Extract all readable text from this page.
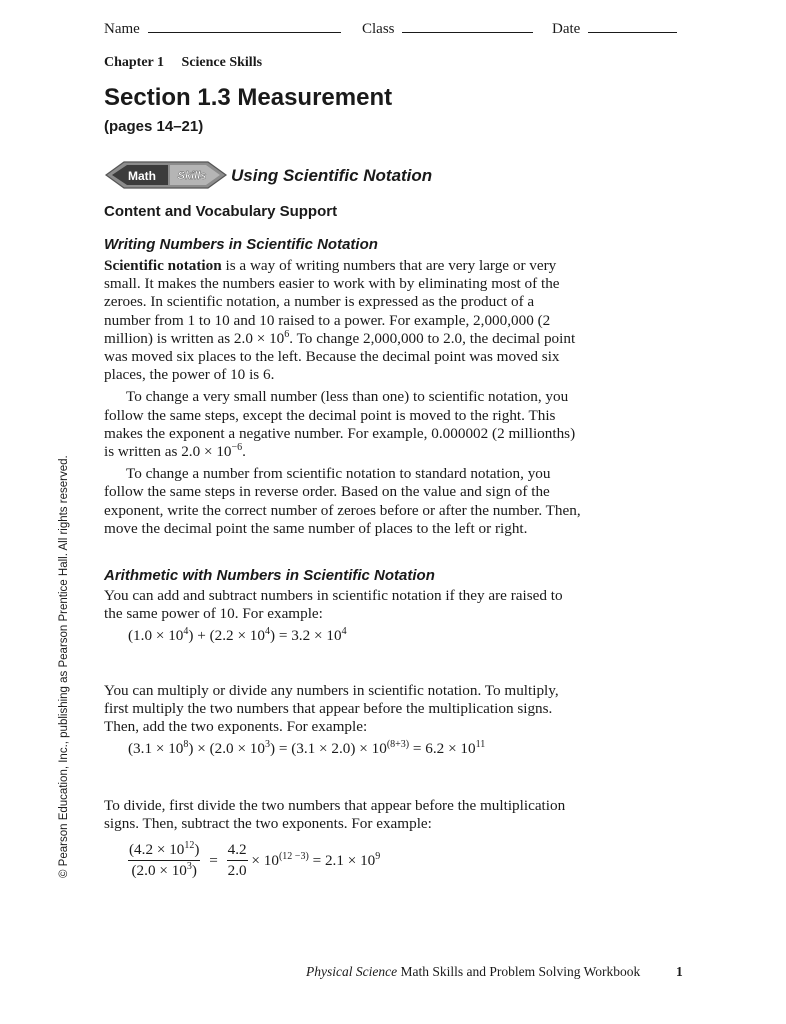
Name	Class	Date
Chapter 1 Science Skills
Section 1.3 Measurement
(pages 14–21)
Math Skills Using Scientific Notation
Content and Vocabulary Support
Writing Numbers in Scientific Notation

Scientific notation is a way of writing numbers that are very large or very small. It makes the numbers easier to work with by eliminating most of the zeroes. In scientific notation, a number is expressed as the product of a number from 1 to 10 and 10 raised to a power. For example, 2,000,000 (2 million) is written as $2.0 \times 10^6$. To change 2,000,000 to 2.0, the decimal point was moved six places to the left. Because the decimal point was moved six places, the power of 10 is 6.

To change a very small number (less than one) to scientific notation, you follow the same steps, except the decimal point is moved to the right. This makes the exponent a negative number. For example, 0.000002 (2 millionths) is written as $2.0 \times 10^{-6}$.

To change a number from scientific notation to standard notation, you follow the same steps in reverse order. Based on the value and sign of the exponent, write the correct number of zeroes before or after the number. Then, move the decimal point the same number of places to the left or right.

Arithmetic with Numbers in Scientific Notation
You can add and subtract numbers in scientific notation if they are raised to the same power of 10. For example:
$(1.0 \times 10^4) + (2.2 \times 10^4) = 3.2 \times 10^4$
You can multiply or divide any numbers in scientific notation. To multiply, first multiply the two numbers that appear before the multiplication signs. Then, add the two exponents. For example:
$(3.1 \times 10^8) \times (2.0 \times 10^3) = (3.1 \times 2.0) \times 10^{(8+3)} = 6.2 \times 10^{11}$
To divide, first divide the two numbers that appear before the multiplication signs. Then, subtract the two exponents. For example:
$\frac{(4.2 \times 10^{12})}{(2.0 \times 10^3)} = \frac{4.2}{2.0} \times 10^{(12 -3)} = 2.1 \times 10^9$
© Pearson Education, Inc., publishing as Pearson Prentice Hall. All rights reserved.
Physical Science Math Skills and Problem Solving Workbook	1
